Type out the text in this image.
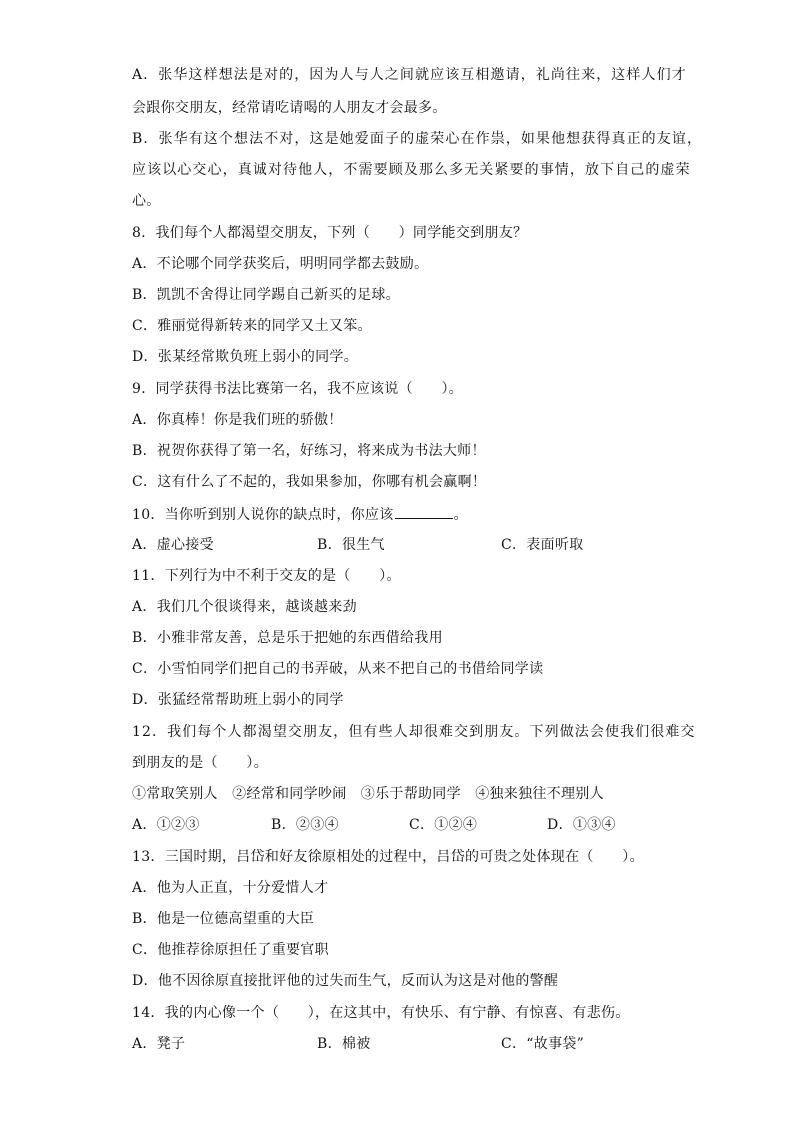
A．张华这样想法是对的，因为人与人之间就应该互相邀请，礼尚往来，这样人们才
会跟你交朋友，经常请吃请喝的人朋友才会最多。
B．张华有这个想法不对，这是她爱面子的虚荣心在作祟，如果他想获得真正的友谊，
应该以心交心，真诚对待他人，不需要顾及那么多无关紧要的事情，放下自己的虚荣
心。
8．我们每个人都渴望交朋友，下列（　　）同学能交到朋友？
A．不论哪个同学获奖后，明明同学都去鼓励。
B．凯凯不舍得让同学踢自己新买的足球。
C．雅丽觉得新转来的同学又土又笨。
D．张某经常欺负班上弱小的同学。
9．同学获得书法比赛第一名，我不应该说（　　）。
A．你真棒！你是我们班的骄傲！
B．祝贺你获得了第一名，好练习，将来成为书法大师！
C．这有什么了不起的，我如果参加，你哪有机会赢啊！
10．当你听到别人说你的缺点时，你应该	。
A．虚心接受	B．很生气	C．表面听取
11．下列行为中不利于交友的是（　　）。
A．我们几个很谈得来，越谈越来劲
B．小雅非常友善，总是乐于把她的东西借给我用
C．小雪怕同学们把自己的书弄破，从来不把自己的书借给同学读
D．张猛经常帮助班上弱小的同学
12．我们每个人都渴望交朋友，但有些人却很难交到朋友。下列做法会使我们很难交
到朋友的是（　　）。
①常取笑别人　②经常和同学吵闹　③乐于帮助同学　④独来独往不理别人
A．①②③	B．②③④	C．①②④	D．①③④
13．三国时期，吕岱和好友徐原相处的过程中，吕岱的可贵之处体现在（　　）。
A．他为人正直，十分爱惜人才
B．他是一位德高望重的大臣
C．他推荐徐原担任了重要官职
D．他不因徐原直接批评他的过失而生气，反而认为这是对他的警醒
14．我的内心像一个（　　），在这其中，有快乐、有宁静、有惊喜、有悲伤。
A．凳子	B．棉被	C．“故事袋”
